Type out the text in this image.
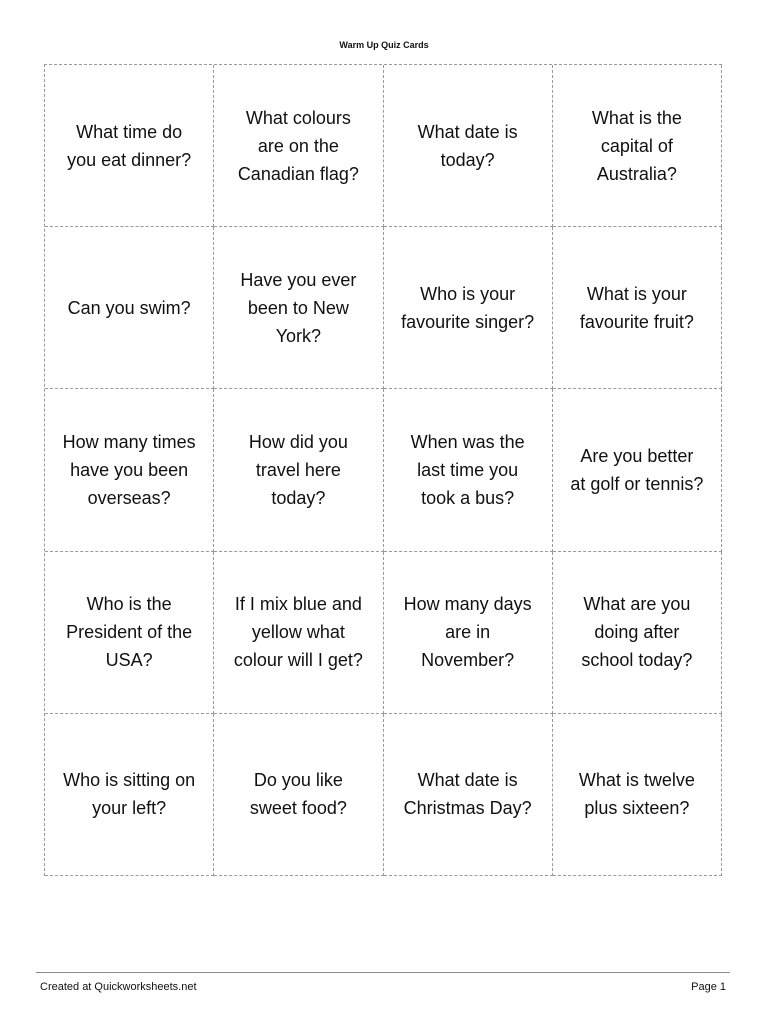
Warm Up Quiz Cards
What time do
you eat dinner?
What colours
are on the
Canadian flag?
What date is
today?
What is the
capital of
Australia?
Can you swim?
Have you ever
been to New
York?
Who is your
favourite singer?
What is your
favourite fruit?
How many times
have you been
overseas?
How did you
travel here
today?
When was the
last time you
took a bus?
Are you better
at golf or tennis?
Who is the
President of the
USA?
If I mix blue and
yellow what
colour will I get?
How many days
are in
November?
What are you
doing after
school today?
Who is sitting on
your left?
Do you like
sweet food?
What date is
Christmas Day?
What is twelve
plus sixteen?
Created at Quickworksheets.net	Page 1
